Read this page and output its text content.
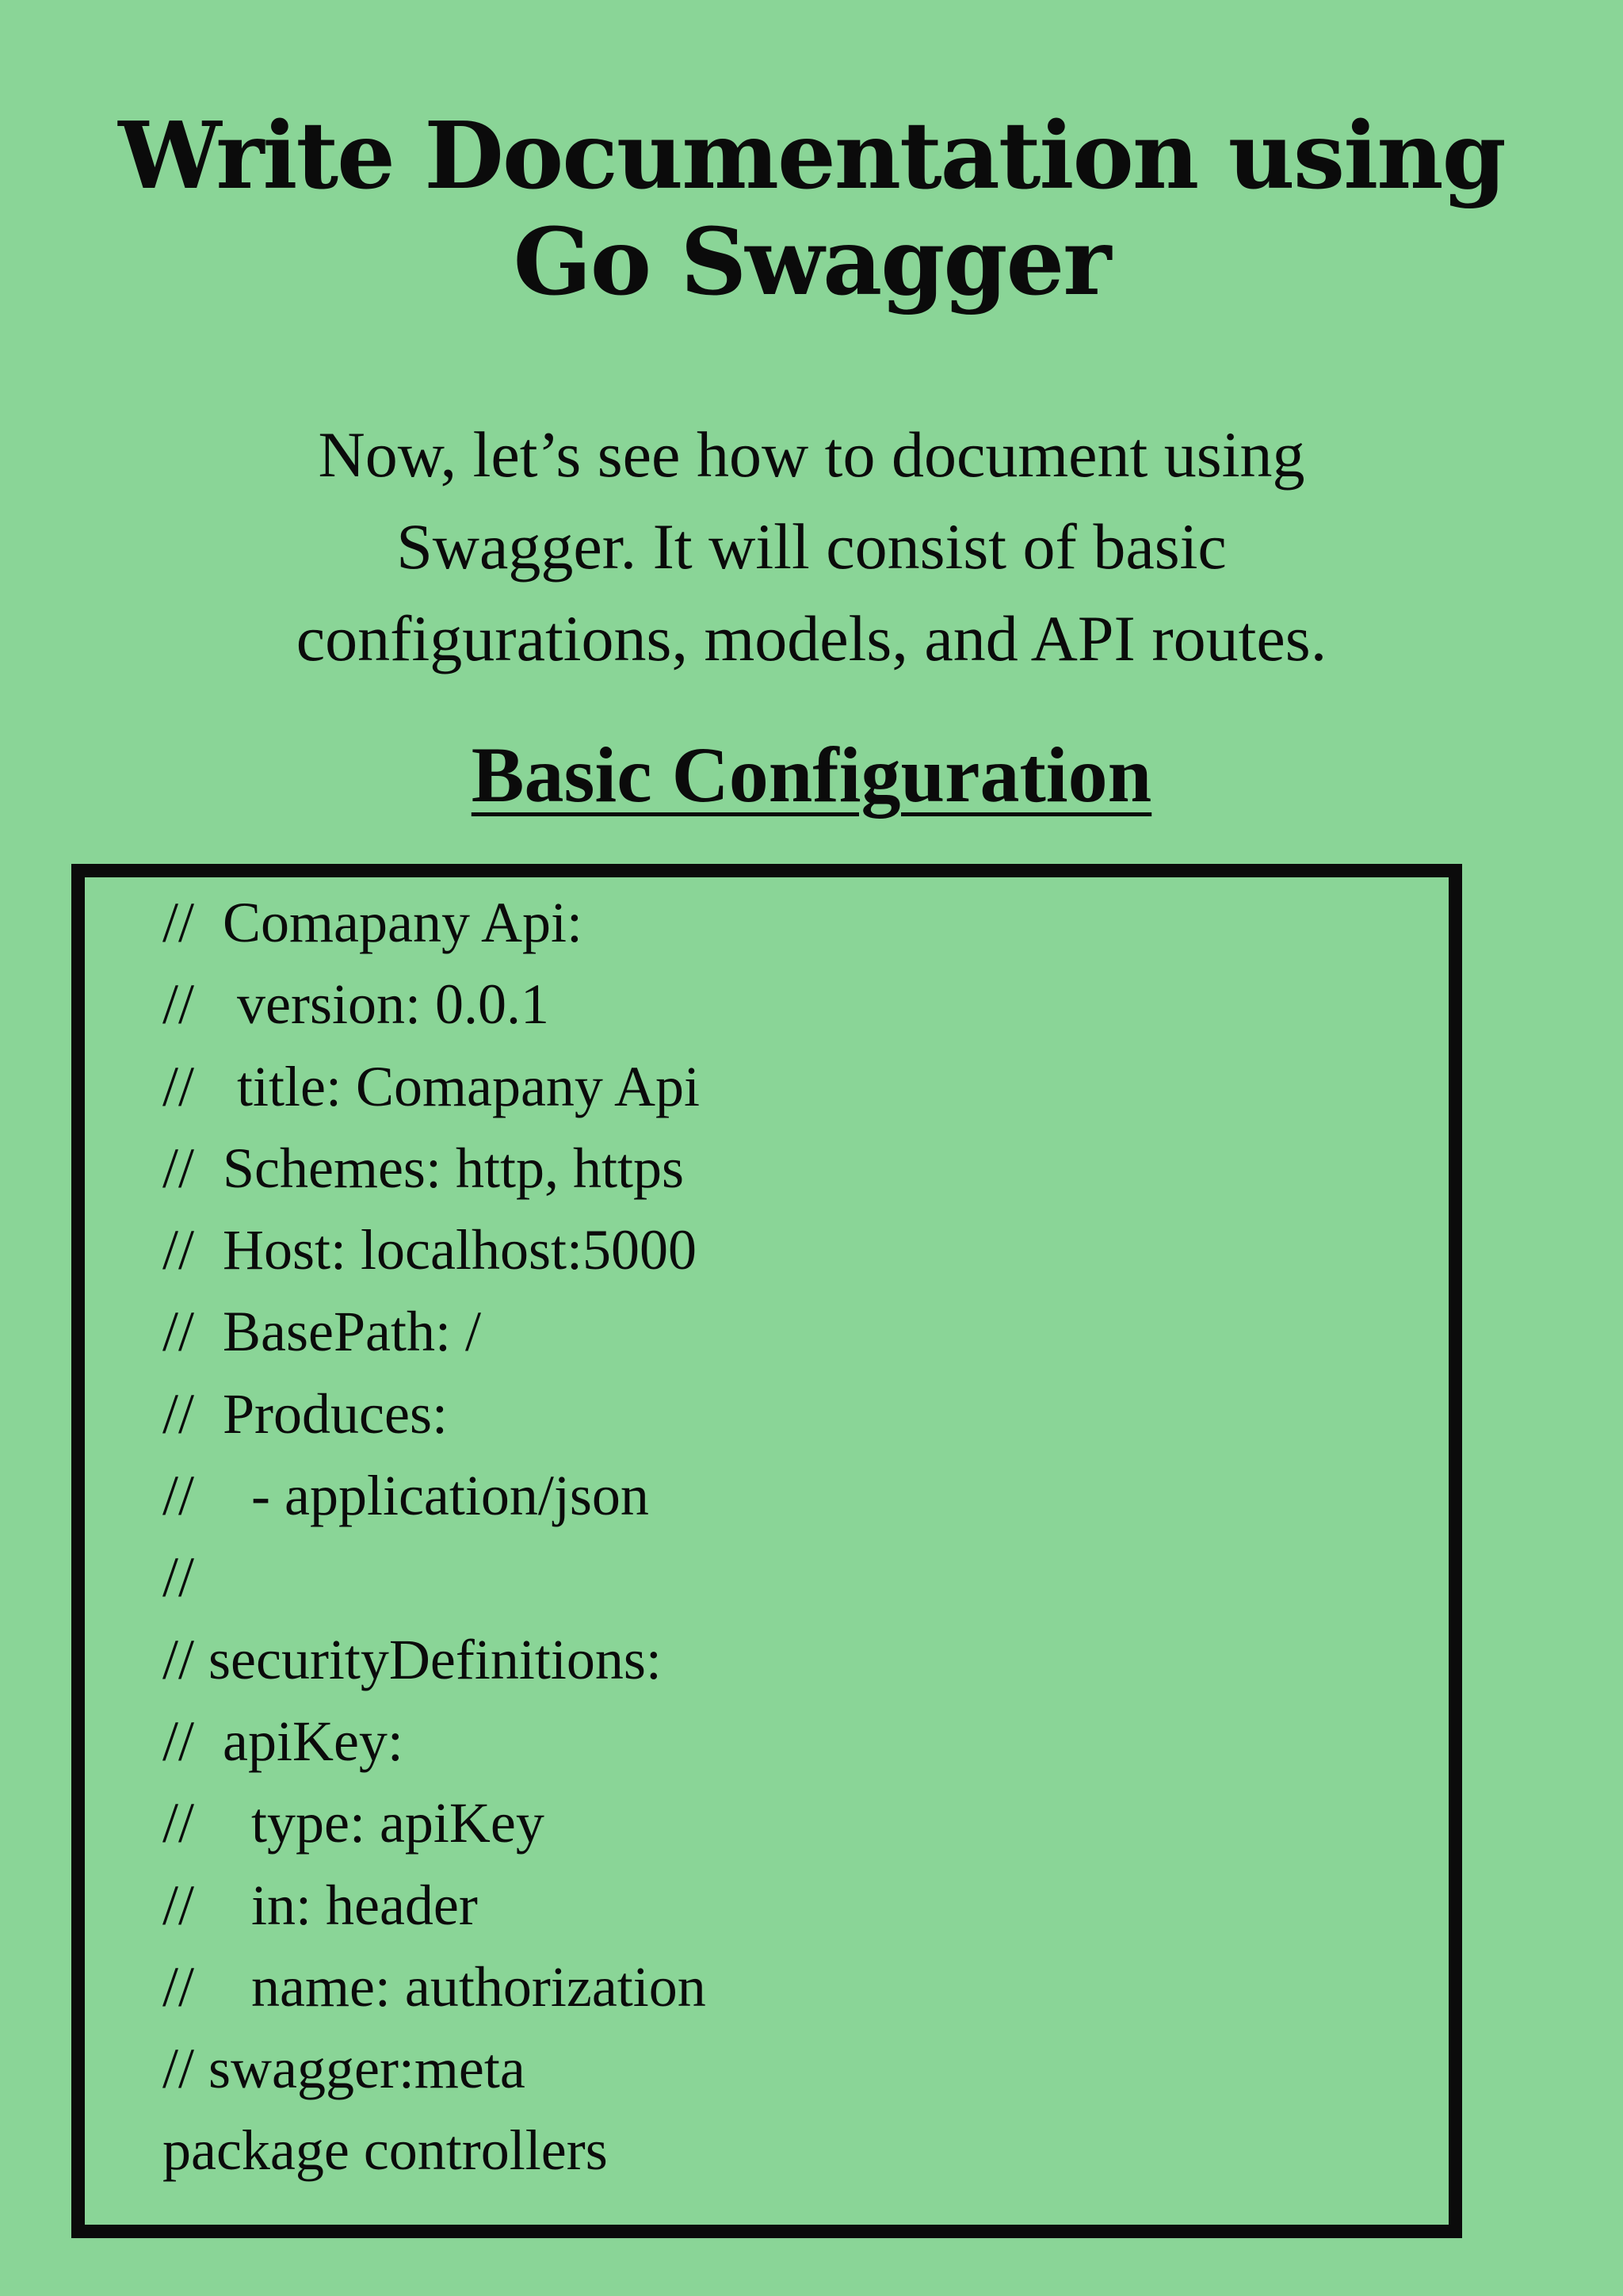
Write Documentation using
Go Swagger

Now, let’s see how to document using
Swagger. It will consist of basic
configurations, models, and API routes.

Basic Configuration
//  Comapany Api:
//   version: 0.0.1
//   title: Comapany Api
//  Schemes: http, https
//  Host: localhost:5000
//  BasePath: /
//  Produces:
//    - application/json
//
// securityDefinitions:
//  apiKey:
//    type: apiKey
//    in: header
//    name: authorization
// swagger:meta
package controllers
